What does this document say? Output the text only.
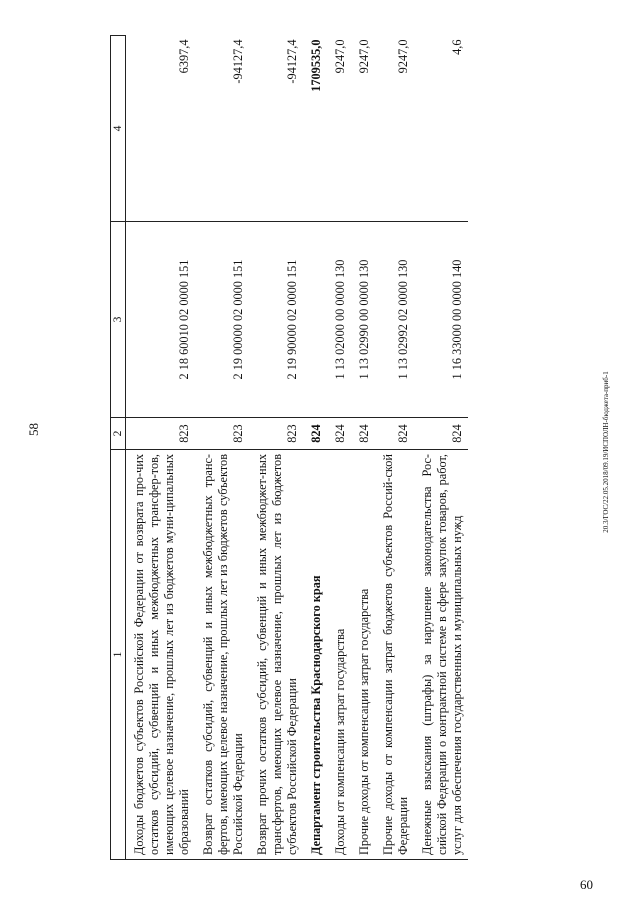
58
1	2	3	4
Доходы бюджетов субъектов Российской Федерации от возврата про-чих остатков субсидий, субвенций и иных межбюджетных трансфер-тов, имеющих целевое назначение, прошлых лет из бюджетов муни-ципальных образований	823	2 18 60010 02 0000 151	6397,4
Возврат остатков субсидий, субвенций и иных межбюджетных транс-фертов, имеющих целевое назначение, прошлых лет из бюджетов субъектов Российской Федерации	823	2 19 00000 02 0000 151	-94127,4
Возврат прочих остатков субсидий, субвенций и иных межбюджет-ных трансфертов, имеющих целевое назначение, прошлых лет из бюджетов субъектов Российской Федерации	823	2 19 90000 02 0000 151	-94127,4
Департамент строительства Краснодарского края	824		1709535,0
Доходы от компенсации затрат государства	824	1 13 02000 00 0000 130	9247,0
Прочие доходы от компенсации затрат государства	824	1 13 02990 00 0000 130	9247,0
Прочие доходы от компенсации затрат бюджетов субъектов Россий-ской Федерации	824	1 13 02992 02 0000 130	9247,0
Денежные взыскания (штрафы) за нарушение законодательства Рос-сийской Федерации о контрактной системе в сфере закупок товаров, работ, услуг для обеспечения государственных и муниципальных нужд	824	1 16 33000 00 0000 140	4,6
20.3/ГОС/22.05.2018/09.19/ИСПОЛН-бюджета-приб-1
60
